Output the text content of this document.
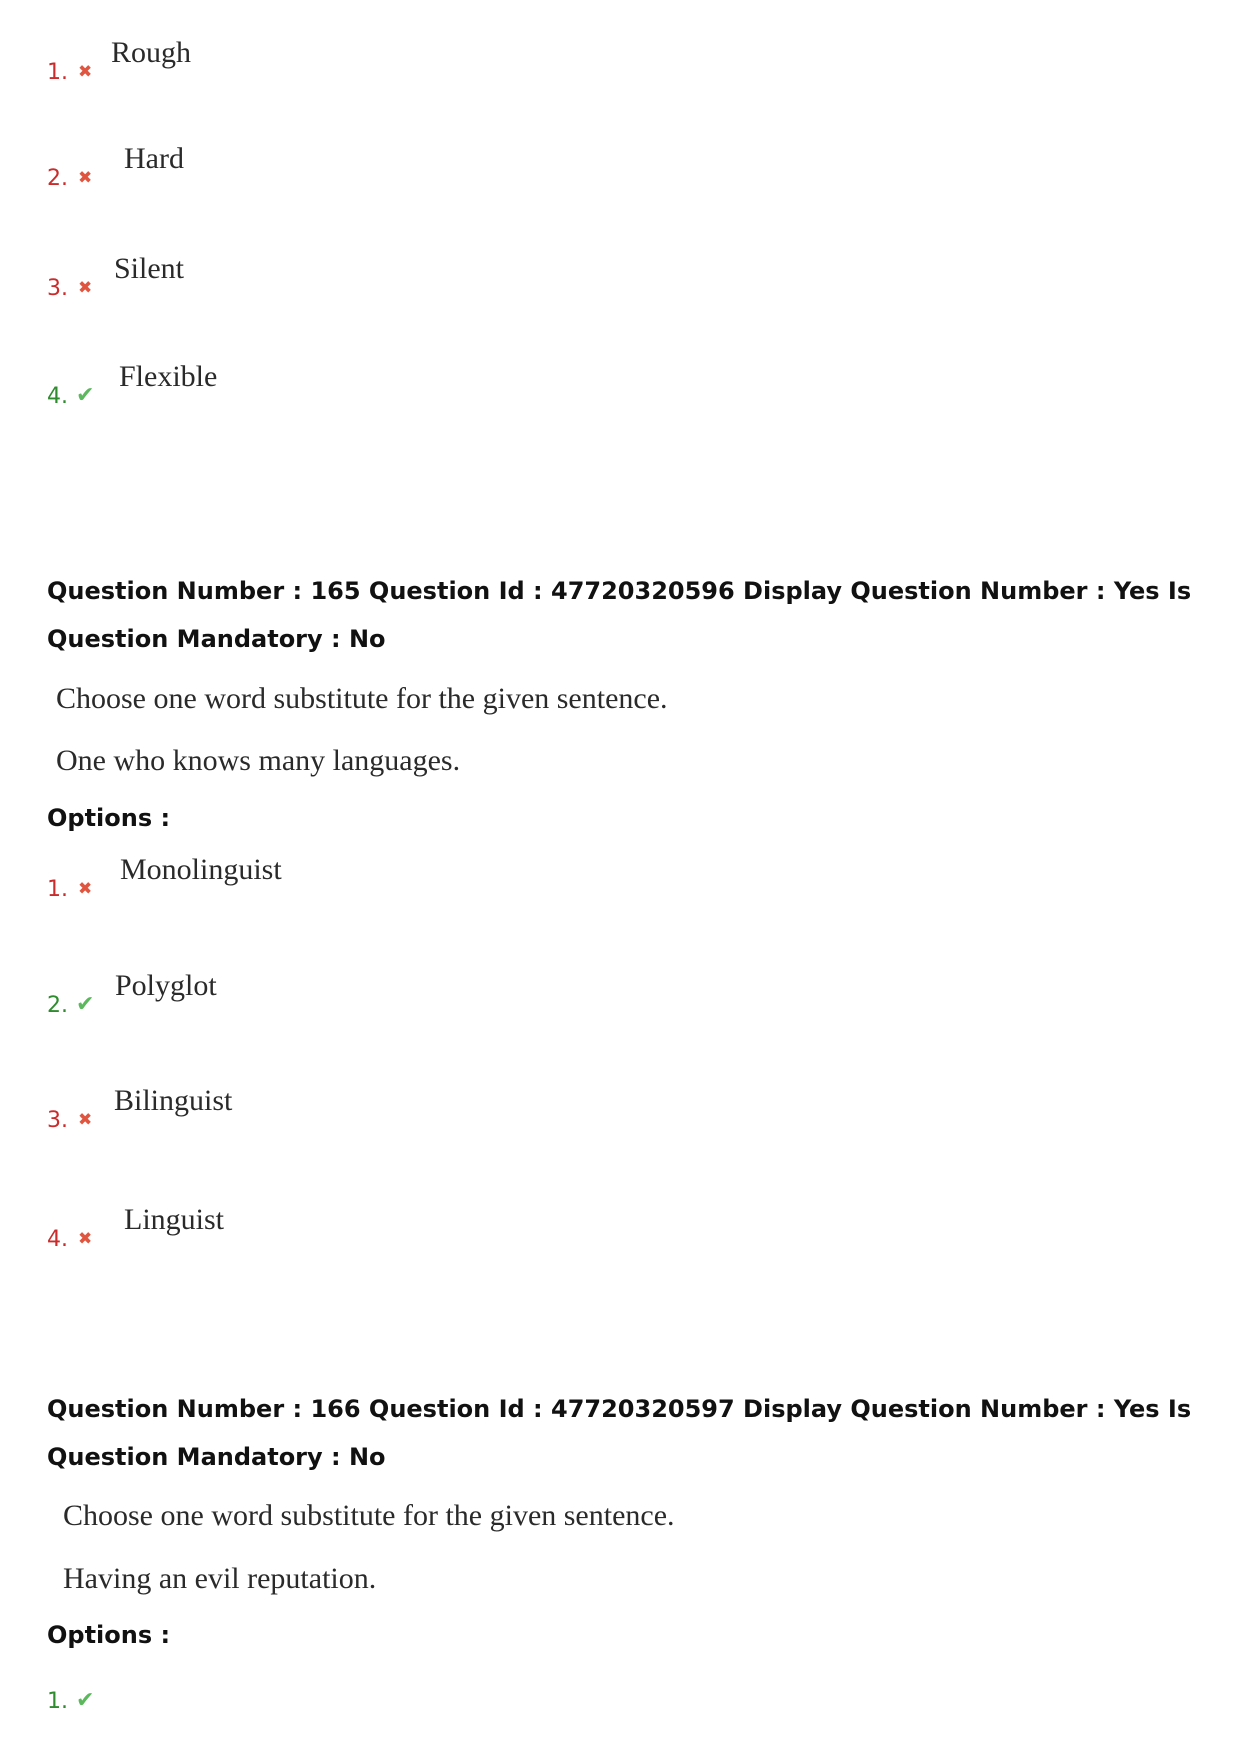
1. ✖
Rough
2. ✖
Hard
3. ✖
Silent
4. ✔
Flexible
Question Number : 165 Question Id : 47720320596 Display Question Number : Yes Is Question Mandatory : No
Choose one word substitute for the given sentence.
One who knows many languages.
Options :
1. ✖
Monolinguist
2. ✔
Polyglot
3. ✖
Bilinguist
4. ✖
Linguist
Question Number : 166 Question Id : 47720320597 Display Question Number : Yes Is Question Mandatory : No
Choose one word substitute for the given sentence.
Having an evil reputation.
Options :
1. ✔
